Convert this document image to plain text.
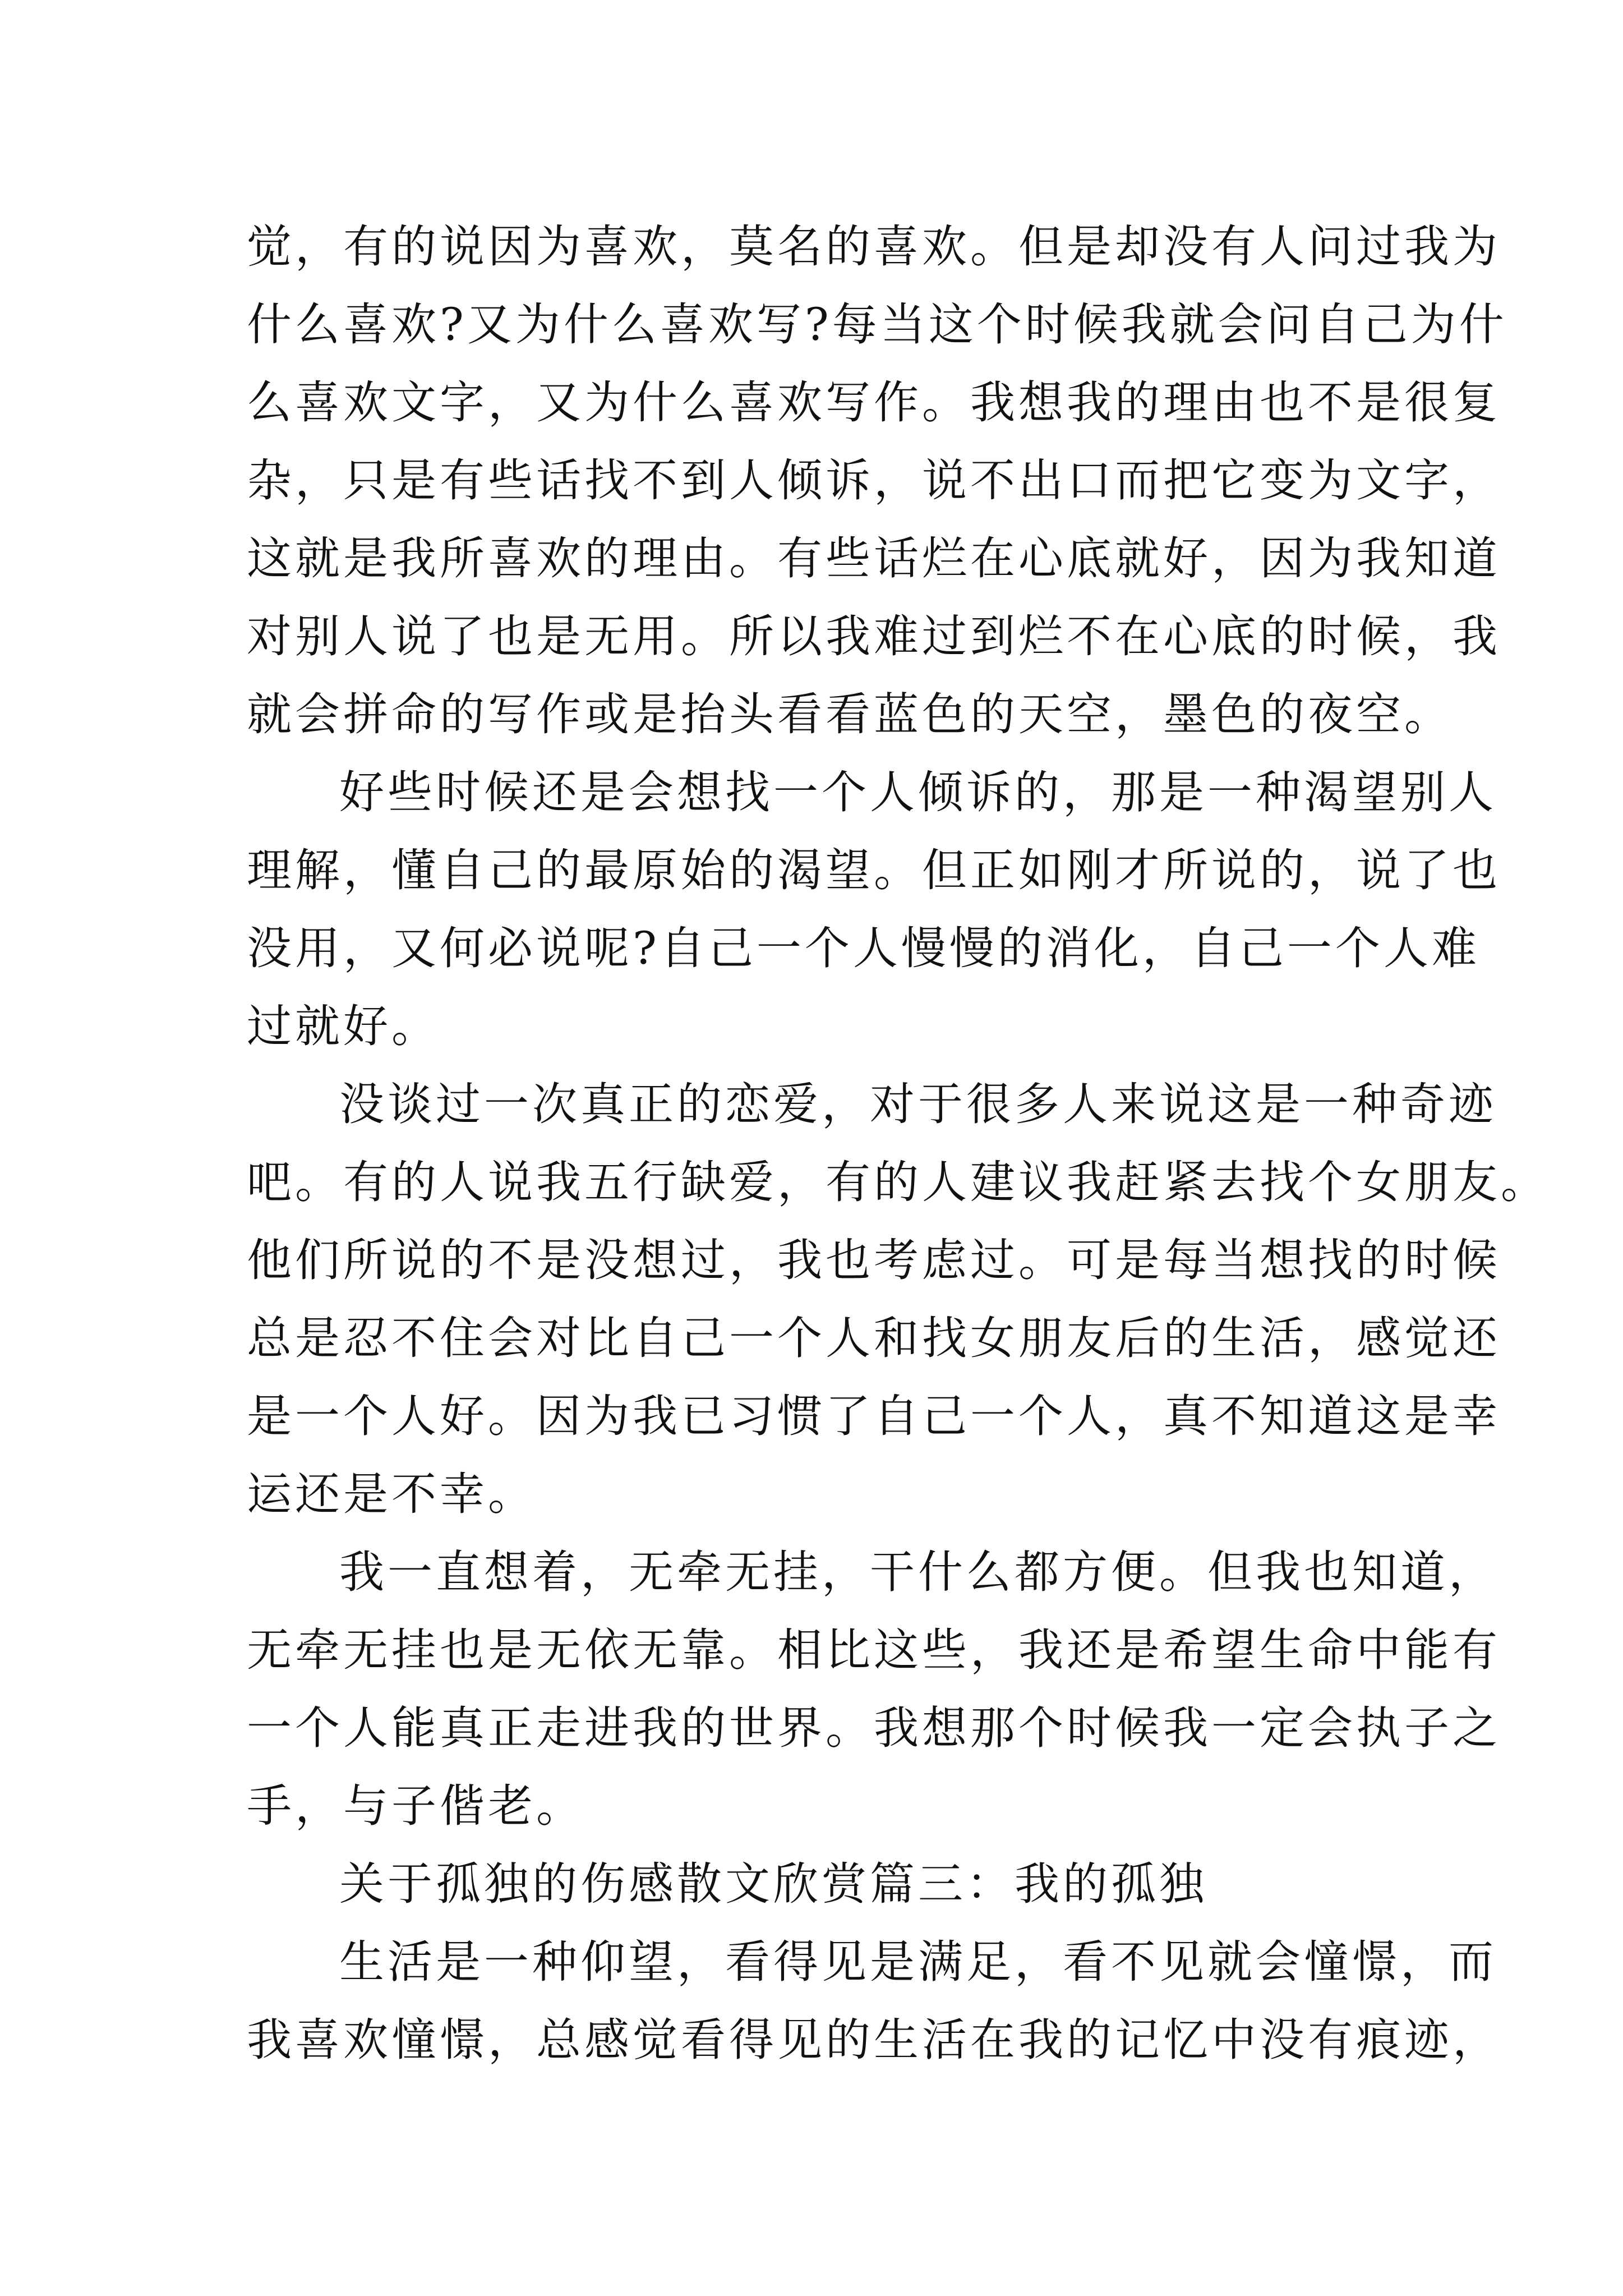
觉，有的说因为喜欢，莫名的喜欢。但是却没有人问过我为
什么喜欢?又为什么喜欢写?每当这个时候我就会问自己为什
么喜欢文字，又为什么喜欢写作。我想我的理由也不是很复
杂，只是有些话找不到人倾诉，说不出口而把它变为文字，
这就是我所喜欢的理由。有些话烂在心底就好，因为我知道
对别人说了也是无用。所以我难过到烂不在心底的时候，我
就会拼命的写作或是抬头看看蓝色的天空，墨色的夜空。
好些时候还是会想找一个人倾诉的，那是一种渴望别人
理解，懂自己的最原始的渴望。但正如刚才所说的，说了也
没用，又何必说呢?自己一个人慢慢的消化，自己一个人难
过就好。
没谈过一次真正的恋爱，对于很多人来说这是一种奇迹
吧。有的人说我五行缺爱，有的人建议我赶紧去找个女朋友。
他们所说的不是没想过，我也考虑过。可是每当想找的时候
总是忍不住会对比自己一个人和找女朋友后的生活，感觉还
是一个人好。因为我已习惯了自己一个人，真不知道这是幸
运还是不幸。
我一直想着，无牵无挂，干什么都方便。但我也知道，
无牵无挂也是无依无靠。相比这些，我还是希望生命中能有
一个人能真正走进我的世界。我想那个时候我一定会执子之
手，与子偕老。
关于孤独的伤感散文欣赏篇三：我的孤独
生活是一种仰望，看得见是满足，看不见就会憧憬，而
我喜欢憧憬，总感觉看得见的生活在我的记忆中没有痕迹，
